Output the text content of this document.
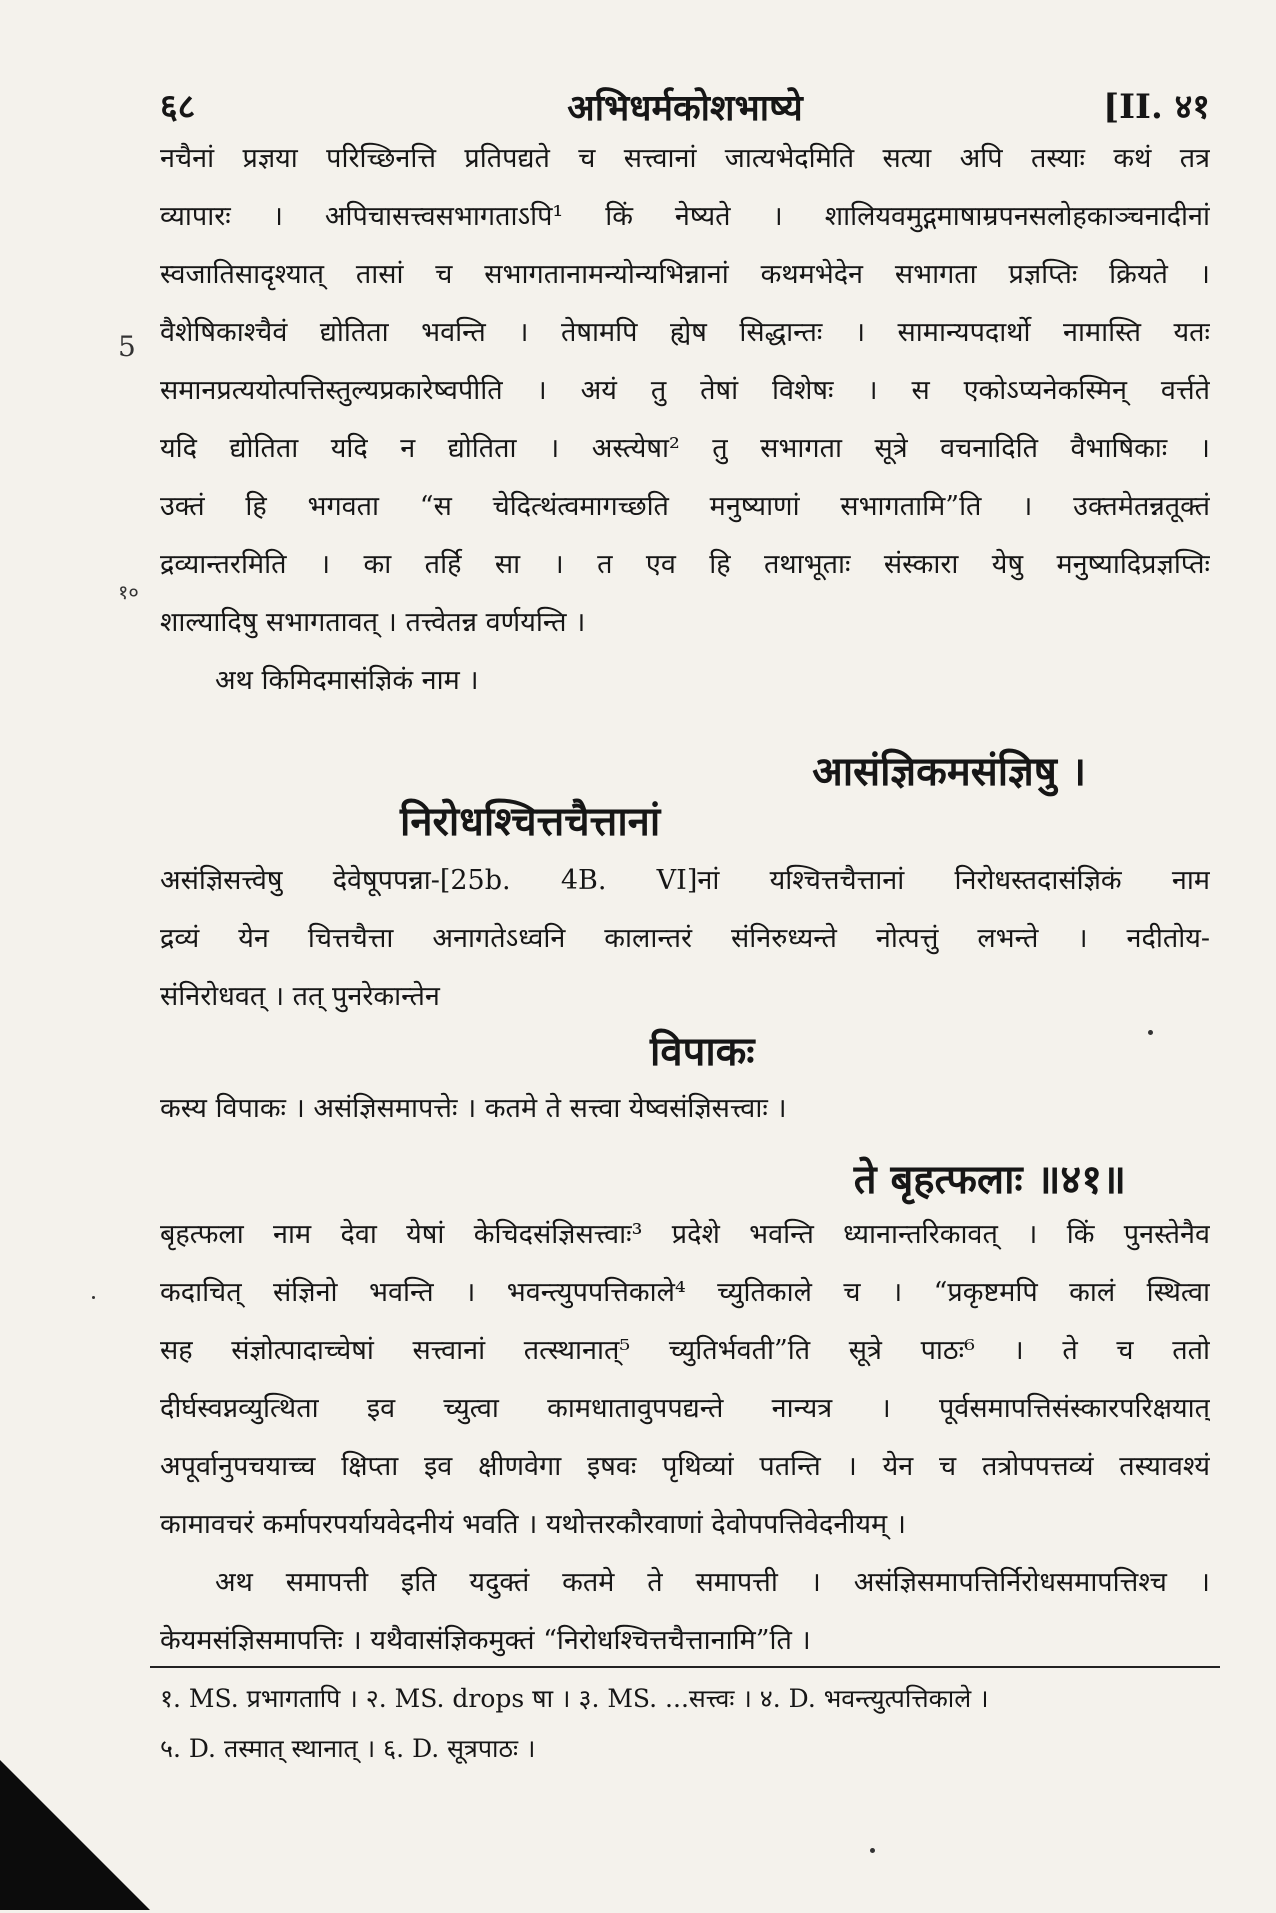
६८	अभिधर्मकोशभाष्ये	[II. ४१
5
१०
नचैनां प्रज्ञया परिच्छिनत्ति प्रतिपद्यते च सत्त्वानां जात्यभेदमिति सत्या अपि तस्याः कथं तत्र
व्यापारः । अपिचासत्त्वसभागताऽपि¹ किं नेष्यते । शालियवमुद्गमाषाम्रपनसलोहकाञ्चनादीनां
स्वजातिसादृश्यात् तासां च सभागतानामन्योन्यभिन्नानां कथमभेदेन सभागता प्रज्ञप्तिः क्रियते ।
वैशेषिकाश्चैवं द्योतिता भवन्ति । तेषामपि ह्येष सिद्धान्तः । सामान्यपदार्थो नामास्ति यतः
समानप्रत्ययोत्पत्तिस्तुल्यप्रकारेष्वपीति । अयं तु तेषां विशेषः । स एकोऽप्यनेकस्मिन् वर्त्तते
यदि द्योतिता यदि न द्योतिता । अस्त्येषा² तु सभागता सूत्रे वचनादिति वैभाषिकाः ।
उक्तं हि भगवता “स चेदित्थंत्वमागच्छति मनुष्याणां सभागतामि”ति । उक्तमेतन्नतूक्तं
द्रव्यान्तरमिति । का तर्हि सा । त एव हि तथाभूताः संस्कारा येषु मनुष्यादिप्रज्ञप्तिः
शाल्यादिषु सभागतावत् । तत्त्वेतन्न वर्णयन्ति ।
अथ किमिदमासंज्ञिकं नाम ।
आसंज्ञिकमसंज्ञिषु ।
निरोधश्चित्तचैत्तानां
असंज्ञिसत्त्वेषु देवेषूपपन्ना-[25b. 4B. VI]नां यश्चित्तचैत्तानां निरोधस्तदासंज्ञिकं नाम
द्रव्यं येन चित्तचैत्ता अनागतेऽध्वनि कालान्तरं संनिरुध्यन्ते नोत्पत्तुं लभन्ते । नदीतोय-
संनिरोधवत् । तत् पुनरेकान्तेन
विपाकः
कस्य विपाकः । असंज्ञिसमापत्तेः । कतमे ते सत्त्वा येष्वसंज्ञिसत्त्वाः ।
ते बृहत्फलाः ॥४१॥
बृहत्फला नाम देवा येषां केचिदसंज्ञिसत्त्वाः³ प्रदेशे भवन्ति ध्यानान्तरिकावत् । किं पुनस्तेनैव
कदाचित् संज्ञिनो भवन्ति । भवन्त्युपपत्तिकाले⁴ च्युतिकाले च । “प्रकृष्टमपि कालं स्थित्वा
सह संज्ञोत्पादाच्चेषां सत्त्वानां तत्स्थानात्⁵ च्युतिर्भवती”ति सूत्रे पाठः⁶ । ते च ततो
दीर्घस्वप्नव्युत्थिता इव च्युत्वा कामधातावुपपद्यन्ते नान्यत्र । पूर्वसमापत्तिसंस्कारपरिक्षयात्
अपूर्वानुपचयाच्च क्षिप्ता इव क्षीणवेगा इषवः पृथिव्यां पतन्ति । येन च तत्रोपपत्तव्यं तस्यावश्यं
कामावचरं कर्मापरपर्यायवेदनीयं भवति । यथोत्तरकौरवाणां देवोपपत्तिवेदनीयम् ।
अथ समापत्ती इति यदुक्तं कतमे ते समापत्ती । असंज्ञिसमापत्तिर्निरोधसमापत्तिश्च ।
केयमसंज्ञिसमापत्तिः । यथैवासंज्ञिकमुक्तं “निरोधश्चित्तचैत्तानामि”ति ।
१. MS. प्रभागतापि । २. MS. drops षा । ३. MS. ...सत्त्वः । ४. D. भवन्त्युत्पत्तिकाले ।
५. D. तस्मात् स्थानात् । ६. D. सूत्रपाठः ।
